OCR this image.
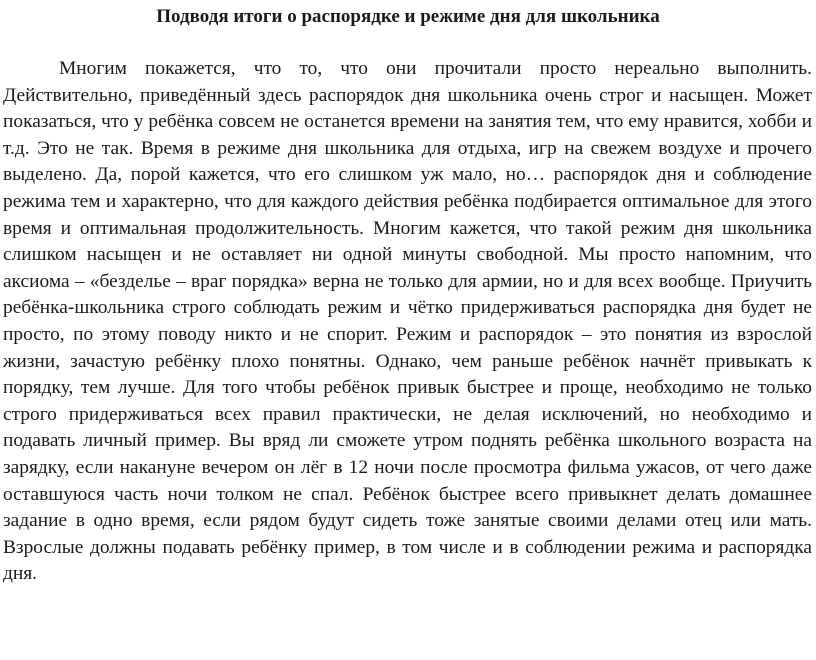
Подводя итоги о распорядке и режиме дня для школьника

Многим покажется, что то, что они прочитали просто нереально выполнить. Действительно, приведённый здесь распорядок дня школьника очень строг и насыщен. Может показаться, что у ребёнка совсем не останется времени на занятия тем, что ему нравится, хобби и т.д. Это не так. Время в режиме дня школьника для отдыха, игр на свежем воздухе и прочего выделено. Да, порой кажется, что его слишком уж мало, но… распорядок дня и соблюдение режима тем и характерно, что для каждого действия ребёнка подбирается оптимальное для этого время и оптимальная продолжительность. Многим кажется, что такой режим дня школьника слишком насыщен и не оставляет ни одной минуты свободной. Мы просто напомним, что аксиома – «безделье – враг порядка» верна не только для армии, но и для всех вообще. Приучить ребёнка-школьника строго соблюдать режим и чётко придерживаться распорядка дня будет не просто, по этому поводу никто и не спорит. Режим и распорядок – это понятия из взрослой жизни, зачастую ребёнку плохо понятны. Однако, чем раньше ребёнок начнёт привыкать к порядку, тем лучше. Для того чтобы ребёнок привык быстрее и проще, необходимо не только строго придерживаться всех правил практически, не делая исключений, но необходимо и подавать личный пример. Вы вряд ли сможете утром поднять ребёнка школьного возраста на зарядку, если накануне вечером он лёг в 12 ночи после просмотра фильма ужасов, от чего даже оставшуюся часть ночи толком не спал. Ребёнок быстрее всего привыкнет делать домашнее задание в одно время, если рядом будут сидеть тоже занятые своими делами отец или мать. Взрослые должны подавать ребёнку пример, в том числе и в соблюдении режима и распорядка дня.
